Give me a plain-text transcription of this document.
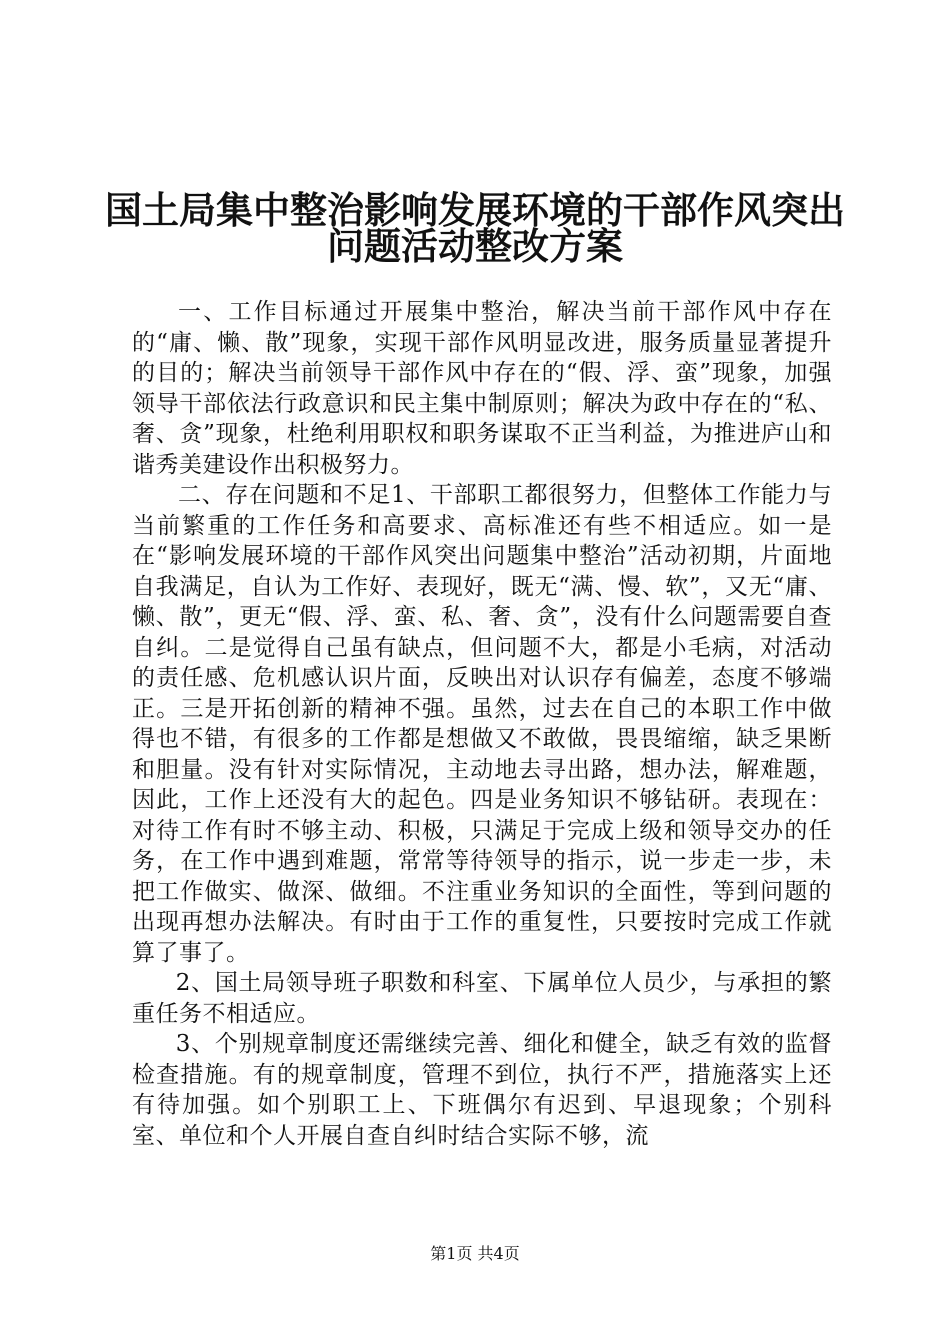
国土局集中整治影响发展环境的干部作风突出
问题活动整改方案

一、工作目标通过开展集中整治，解决当前干部作风中存在的“庸、懒、散”现象，实现干部作风明显改进，服务质量显著提升的目的；解决当前领导干部作风中存在的“假、浮、蛮”现象，加强领导干部依法行政意识和民主集中制原则；解决为政中存在的“私、奢、贪”现象，杜绝利用职权和职务谋取不正当利益，为推进庐山和谐秀美建设作出积极努力。

二、存在问题和不足1、干部职工都很努力，但整体工作能力与当前繁重的工作任务和高要求、高标准还有些不相适应。如一是在“影响发展环境的干部作风突出问题集中整治”活动初期，片面地自我满足，自认为工作好、表现好，既无“满、慢、软”，又无“庸、懒、散”，更无“假、浮、蛮、私、奢、贪”，没有什么问题需要自查自纠。二是觉得自己虽有缺点，但问题不大，都是小毛病，对活动的责任感、危机感认识片面，反映出对认识存有偏差，态度不够端正。三是开拓创新的精神不强。虽然，过去在自己的本职工作中做得也不错，有很多的工作都是想做又不敢做，畏畏缩缩，缺乏果断和胆量。没有针对实际情况，主动地去寻出路，想办法，解难题，因此，工作上还没有大的起色。四是业务知识不够钻研。表现在：对待工作有时不够主动、积极，只满足于完成上级和领导交办的任务，在工作中遇到难题，常常等待领导的指示，说一步走一步，未把工作做实、做深、做细。不注重业务知识的全面性，等到问题的出现再想办法解决。有时由于工作的重复性，只要按时完成工作就算了事了。

2、国土局领导班子职数和科室、下属单位人员少，与承担的繁重任务不相适应。

3、个别规章制度还需继续完善、细化和健全，缺乏有效的监督检查措施。有的规章制度，管理不到位，执行不严，措施落实上还有待加强。如个别职工上、下班偶尔有迟到、早退现象；个别科室、单位和个人开展自查自纠时结合实际不够，流

第1页 共4页
